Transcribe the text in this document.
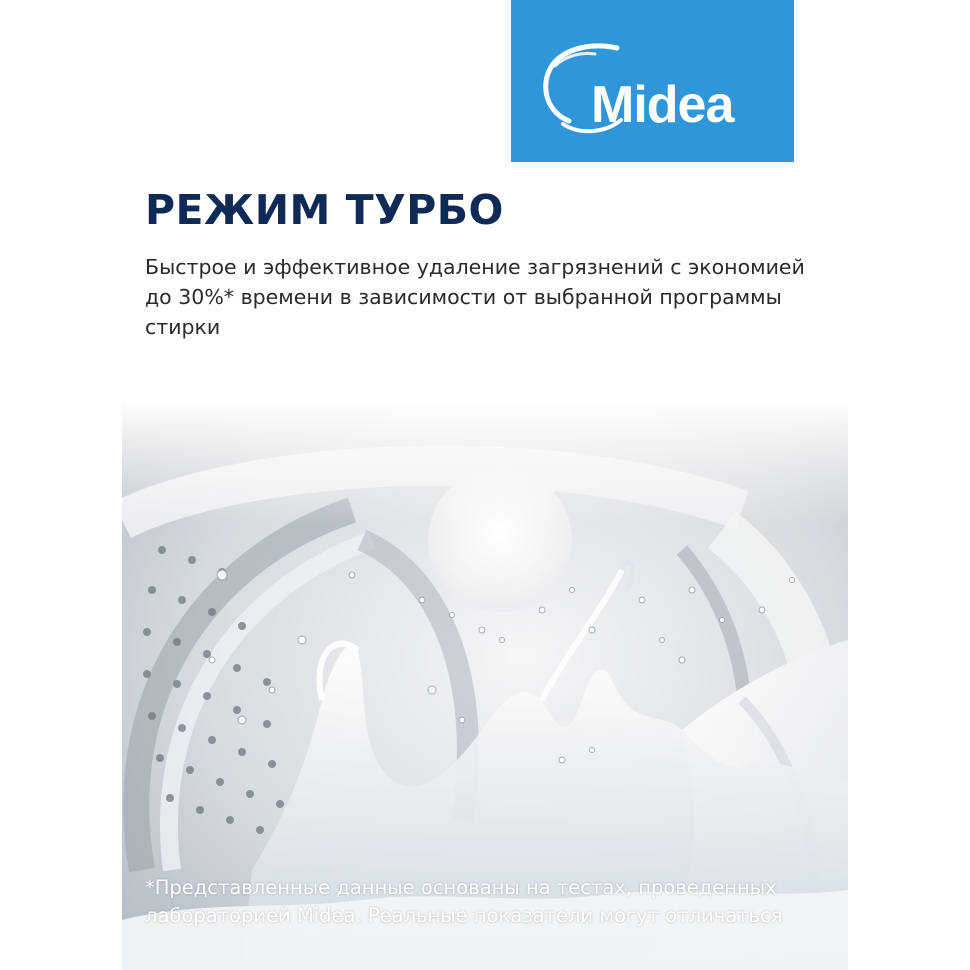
Midea
РЕЖИМ ТУРБО

Быстрое и эффективное удаление загрязнений с экономией
до 30%* времени в зависимости от выбранной программы
стирки

*Представленные данные основаны на тестах, проведенных
лабораторией Midea. Реальные показатели могут отличаться
